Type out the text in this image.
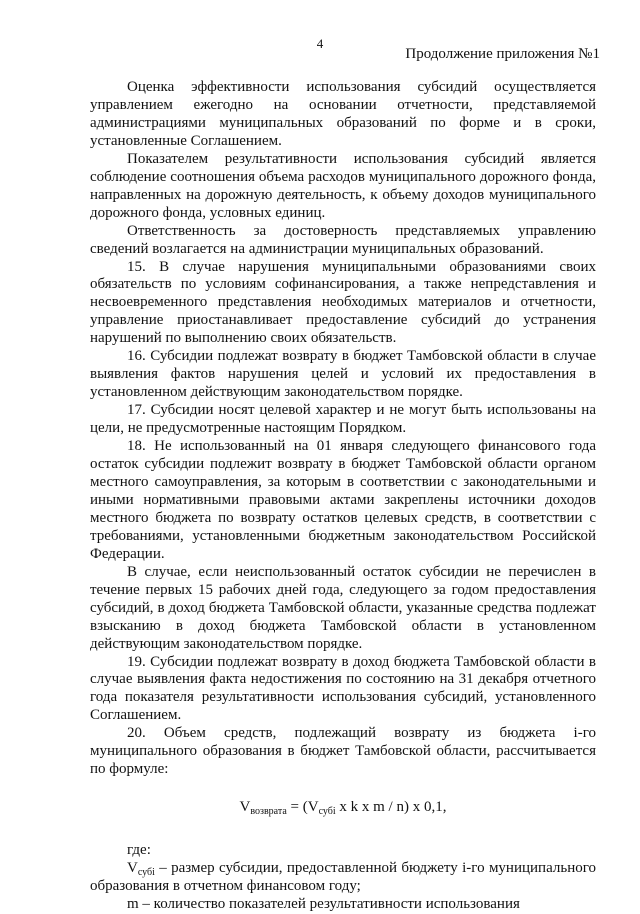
4
Продолжение приложения №1

Оценка эффективности использования субсидий осуществляется управлением ежегодно на основании отчетности, представляемой администрациями муниципальных образований по форме и в сроки, установленные Соглашением.

Показателем результативности использования субсидий является соблюдение соотношения объема расходов муниципального дорожного фонда, направленных на дорожную деятельность, к объему доходов муниципального дорожного фонда, условных единиц.

Ответственность за достоверность представляемых управлению сведений возлагается на администрации муниципальных образований.

15. В случае нарушения муниципальными образованиями своих обязательств по условиям софинансирования, а также непредставления и несвоевременного представления необходимых материалов и отчетности, управление приостанавливает предоставление субсидий до устранения нарушений по выполнению своих обязательств.

16. Субсидии подлежат возврату в бюджет Тамбовской области в случае выявления фактов нарушения целей и условий их предоставления в установленном действующим законодательством порядке.

17. Субсидии носят целевой характер и не могут быть использованы на цели, не предусмотренные настоящим Порядком.

18. Не использованный на 01 января следующего финансового года остаток субсидии подлежит возврату в бюджет Тамбовской области органом местного самоуправления, за которым в соответствии с законодательными и иными нормативными правовыми актами закреплены источники доходов местного бюджета по возврату остатков целевых средств, в соответствии с требованиями, установленными бюджетным законодательством Российской Федерации.

В случае, если неиспользованный остаток субсидии не перечислен в течение первых 15 рабочих дней года, следующего за годом предоставления субсидий, в доход бюджета Тамбовской области, указанные средства подлежат взысканию в доход бюджета Тамбовской области в установленном действующим законодательством порядке.

19. Субсидии подлежат возврату в доход бюджета Тамбовской области в случае выявления факта недостижения по состоянию на 31 декабря отчетного года показателя результативности использования субсидий, установленного Соглашением.

20. Объем средств, подлежащий возврату из бюджета i-го муниципального образования в бюджет Тамбовской области, рассчитывается по формуле:

$V_{возврата} = (V_{субi}$ x k x m / n) x 0,1,

где:

$V_{субi}$ – размер субсидии, предоставленной бюджету i-го муниципального образования в отчетном финансовом году;

m – количество показателей результативности использования
